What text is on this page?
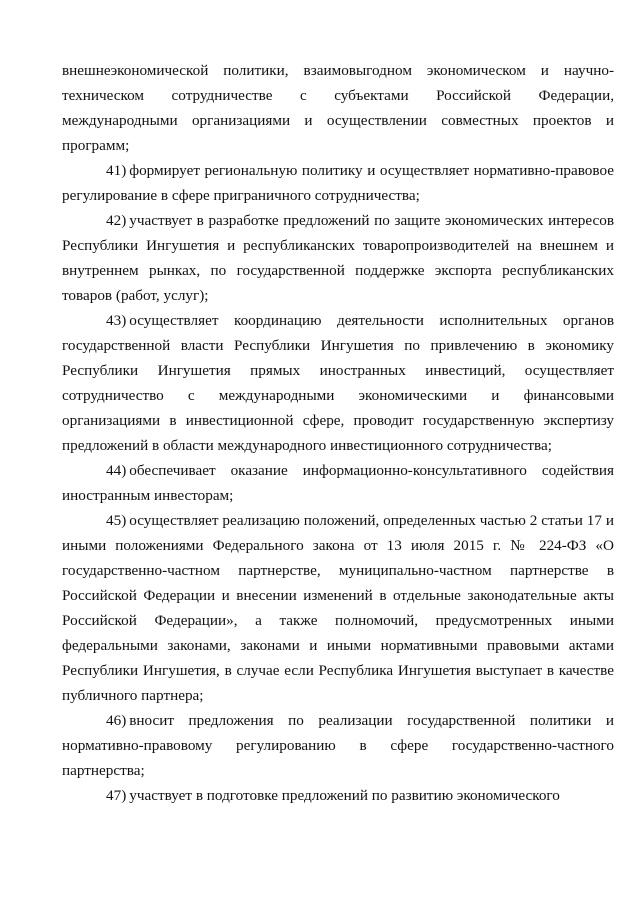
внешнеэкономической политики, взаимовыгодном экономическом и научно-техническом сотрудничестве с субъектами Российской Федерации, международными организациями и осуществлении совместных проектов и программ;

41) формирует региональную политику и осуществляет нормативно-правовое регулирование в сфере приграничного сотрудничества;

42) участвует в разработке предложений по защите экономических интересов Республики Ингушетия и республиканских товаропроизводителей на внешнем и внутреннем рынках, по государственной поддержке экспорта республиканских товаров (работ, услуг);

43) осуществляет координацию деятельности исполнительных органов государственной власти Республики Ингушетия по привлечению в экономику Республики Ингушетия прямых иностранных инвестиций, осуществляет сотрудничество с международными экономическими и финансовыми организациями в инвестиционной сфере, проводит государственную экспертизу предложений в области международного инвестиционного сотрудничества;

44) обеспечивает оказание информационно-консультативного содействия иностранным инвесторам;

45) осуществляет реализацию положений, определенных частью 2 статьи 17 и иными положениями Федерального закона от 13 июля 2015 г. № 224-ФЗ «О государственно-частном партнерстве, муниципально-частном партнерстве в Российской Федерации и внесении изменений в отдельные законодательные акты Российской Федерации», а также полномочий, предусмотренных иными федеральными законами, законами и иными нормативными правовыми актами Республики Ингушетия, в случае если Республика Ингушетия выступает в качестве публичного партнера;

46) вносит предложения по реализации государственной политики и нормативно-правовому регулированию в сфере государственно-частного партнерства;

47) участвует в подготовке предложений по развитию экономического
